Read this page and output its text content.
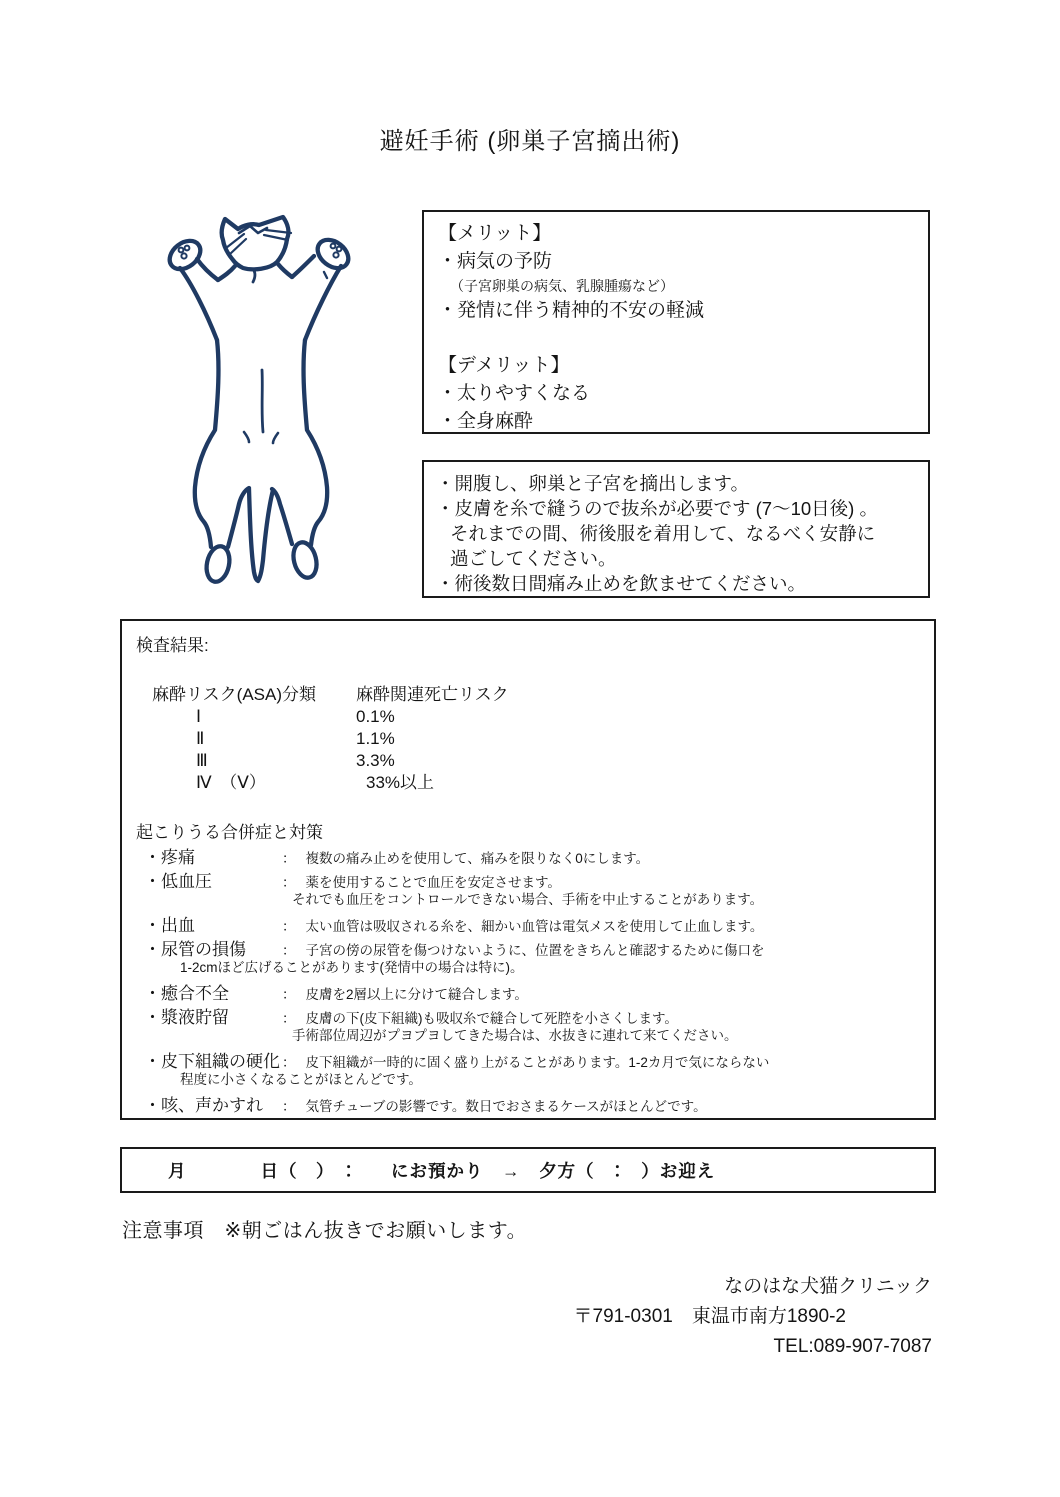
避妊手術 (卵巣子宮摘出術)
【メリット】
・病気の予防
（子宮卵巣の病気、乳腺腫瘍など）
・発情に伴う精神的不安の軽減
【デメリット】
・太りやすくなる
・全身麻酔
・開腹し、卵巣と子宮を摘出します。
・皮膚を糸で縫うので抜糸が必要です (7～10日後) 。
それまでの間、術後服を着用して、なるべく安静に
過ごしてください。
・術後数日間痛み止めを飲ませてください。
検査結果:
麻酔リスク(ASA)分類	麻酔関連死亡リスク
Ⅰ	0.1%
Ⅱ	1.1%
Ⅲ	3.3%
Ⅳ　（Ⅴ）	33%以上
起こりうる合併症と対策
・疼痛	： 複数の痛み止めを使用して、痛みを限りなく0にします。
・低血圧	： 薬を使用することで血圧を安定させます。
それでも血圧をコントロールできない場合、手術を中止することがあります。
・出血	： 太い血管は吸収される糸を、細かい血管は電気メスを使用して止血します。
・尿管の損傷	： 子宮の傍の尿管を傷つけないように、位置をきちんと確認するために傷口を
1-2cmほど広げることがあります(発情中の場合は特に)。
・癒合不全	： 皮膚を2層以上に分けて縫合します。
・漿液貯留	： 皮膚の下(皮下組織)も吸収糸で縫合して死腔を小さくします。
手術部位周辺がプヨプヨしてきた場合は、水抜きに連れて来てください。
・皮下組織の硬化 ： 皮下組織が一時的に固く盛り上がることがあります。1-2カ月で気にならない
程度に小さくなることがほとんどです。
・咳、声かすれ	： 気管チューブの影響です。数日でおさまるケースがほとんどです。
月　　　　日（　）　：　　にお預かり　→　夕方（　：　）お迎え
注意事項　※朝ごはん抜きでお願いします。
なのはな犬猫クリニック
〒791-0301　東温市南方1890-2
TEL:089-907-7087
